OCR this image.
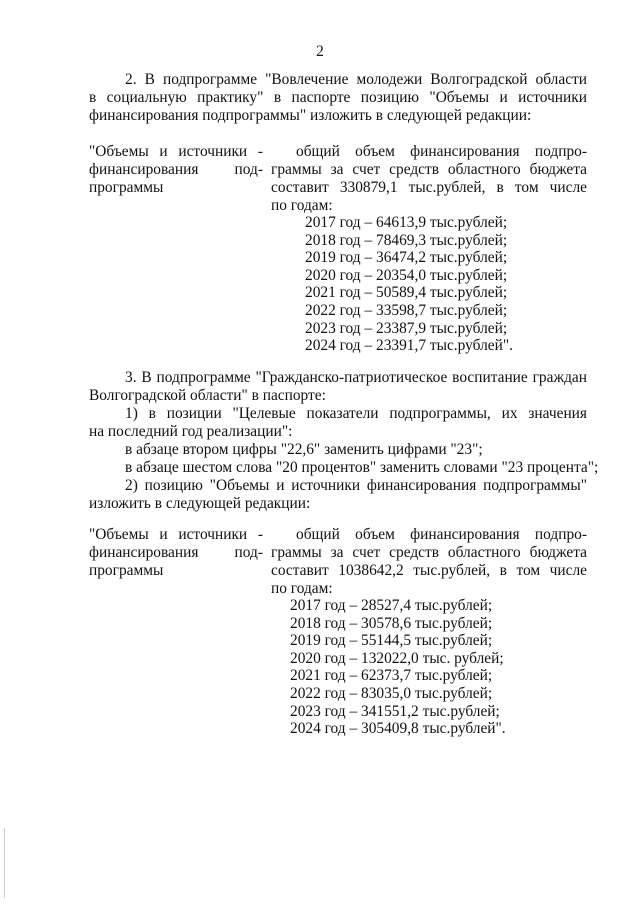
2
2. В подпрограмме "Вовлечение молодежи Волгоградской области
в социальную практику" в паспорте позицию "Объемы и источники
финансирования подпрограммы" изложить в следующей редакции:
"Объемы и источники -
финансирования под-
программы
общий объем финансирования подпро-
граммы за счет средств областного бюджета
составит 330879,1 тыс.рублей, в том числе
по годам:
2017 год – 64613,9 тыс.рублей;
2018 год – 78469,3 тыс.рублей;
2019 год – 36474,2 тыс.рублей;
2020 год – 20354,0 тыс.рублей;
2021 год – 50589,4 тыс.рублей;
2022 год – 33598,7 тыс.рублей;
2023 год – 23387,9 тыс.рублей;
2024 год – 23391,7 тыс.рублей".
3. В подпрограмме "Гражданско-патриотическое воспитание граждан
Волгоградской области" в паспорте:
1) в позиции "Целевые показатели подпрограммы, их значения
на последний год реализации":
в абзаце втором цифры "22,6" заменить цифрами "23";
в абзаце шестом слова "20 процентов" заменить словами "23 процента";
2) позицию "Объемы и источники финансирования подпрограммы"
изложить в следующей редакции:
"Объемы и источники -
финансирования под-
программы
общий объем финансирования подпро-
граммы за счет средств областного бюджета
составит 1038642,2 тыс.рублей, в том числе
по годам:
2017 год – 28527,4 тыс.рублей;
2018 год – 30578,6 тыс.рублей;
2019 год – 55144,5 тыс.рублей;
2020 год – 132022,0 тыс. рублей;
2021 год – 62373,7 тыс.рублей;
2022 год – 83035,0 тыс.рублей;
2023 год – 341551,2 тыс.рублей;
2024 год – 305409,8 тыс.рублей".
